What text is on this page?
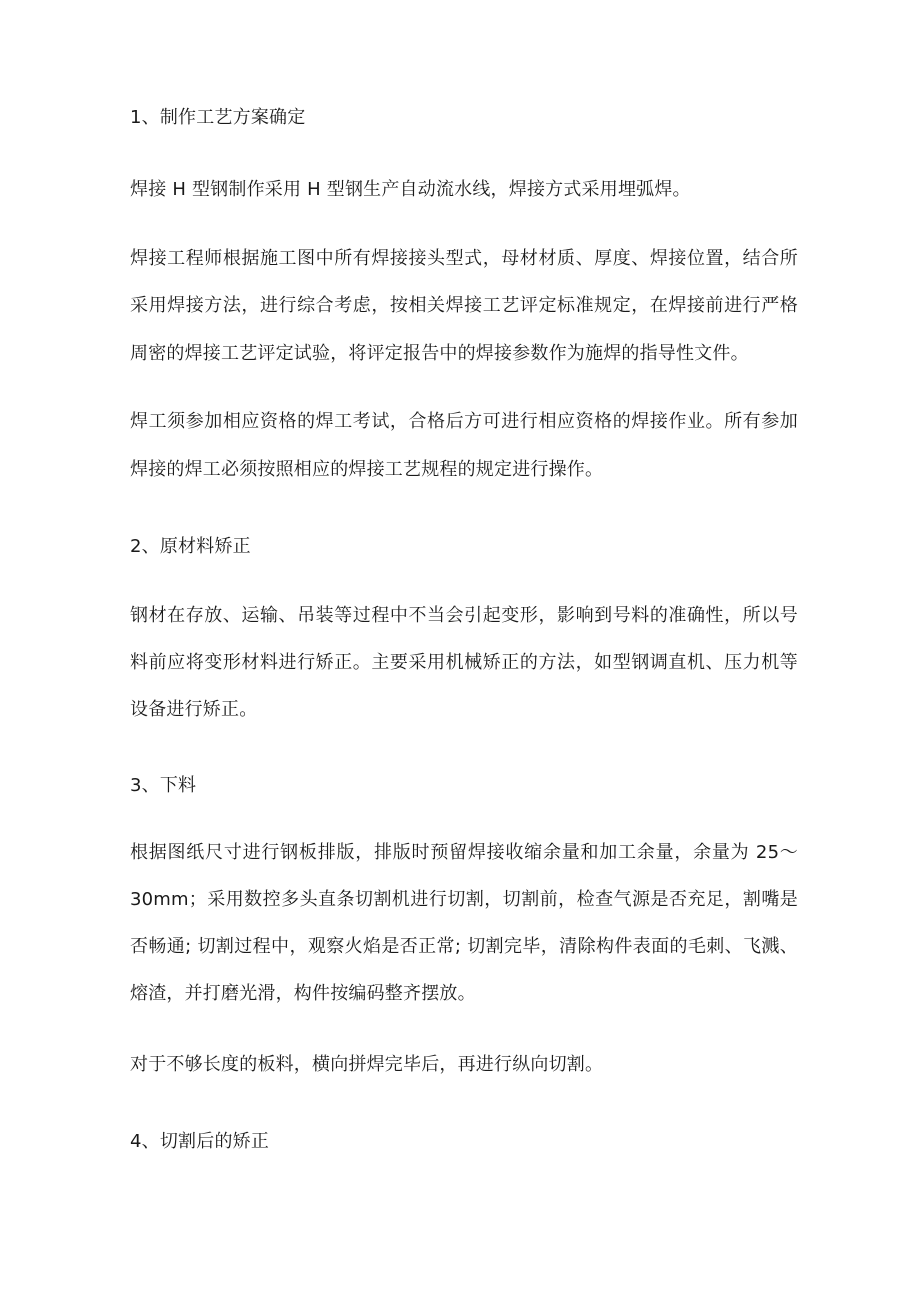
1、制作工艺方案确定
焊接 H 型钢制作采用 H 型钢生产自动流水线，焊接方式采用埋弧焊。
焊接工程师根据施工图中所有焊接接头型式，母材材质、厚度、焊接位置，结合所
采用焊接方法，进行综合考虑，按相关焊接工艺评定标准规定，在焊接前进行严格
周密的焊接工艺评定试验，将评定报告中的焊接参数作为施焊的指导性文件。
焊工须参加相应资格的焊工考试，合格后方可进行相应资格的焊接作业。所有参加
焊接的焊工必须按照相应的焊接工艺规程的规定进行操作。
2、原材料矫正
钢材在存放、运输、吊装等过程中不当会引起变形，影响到号料的准确性，所以号
料前应将变形材料进行矫正。主要采用机械矫正的方法，如型钢调直机、压力机等
设备进行矫正。
3、下料
根据图纸尺寸进行钢板排版，排版时预留焊接收缩余量和加工余量，余量为 25～
30mm；采用数控多头直条切割机进行切割，切割前，检查气源是否充足，割嘴是
否畅通; 切割过程中，观察火焰是否正常; 切割完毕，清除构件表面的毛刺、飞溅、
熔渣，并打磨光滑，构件按编码整齐摆放。
对于不够长度的板料，横向拼焊完毕后，再进行纵向切割。
4、切割后的矫正
